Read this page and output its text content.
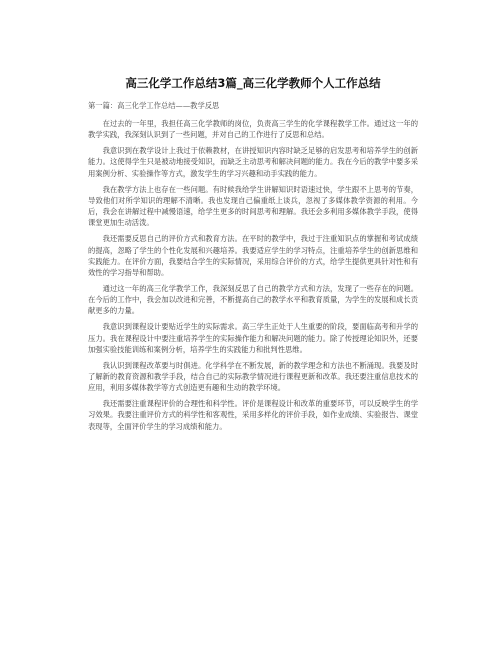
高三化学工作总结3篇_高三化学教师个人工作总结
第一篇：高三化学工作总结——教学反思

在过去的一年里，我担任高三化学教师的岗位，负责高三学生的化学课程教学工作。通过这一年的教学实践，我深刻认识到了一些问题，并对自己的工作进行了反思和总结。

我意识到在教学设计上我过于依赖教材，在讲授知识内容时缺乏足够的启发思考和培养学生的创新能力。这使得学生只是被动地接受知识，而缺乏主动思考和解决问题的能力。我在今后的教学中要多采用案例分析、实验操作等方式，激发学生的学习兴趣和动手实践的能力。

我在教学方法上也存在一些问题。有时候我给学生讲解知识时语速过快，学生跟不上思考的节奏，导致他们对所学知识的理解不清晰。我也发现自己偏重纸上谈兵，忽视了多媒体教学资源的利用。今后，我会在讲解过程中减慢语速，给学生更多的时间思考和理解。我还会多利用多媒体教学手段，使得课堂更加生动活泼。

我还需要反思自己的评价方式和教育方法。在平时的教学中，我过于注重知识点的掌握和考试成绩的提高，忽略了学生的个性化发展和兴趣培养。我要适应学生的学习特点，注重培养学生的创新思维和实践能力。在评价方面，我要结合学生的实际情况，采用综合评价的方式，给学生提供更具针对性和有效性的学习指导和帮助。

通过这一年的高三化学教学工作，我深刻反思了自己的教学方式和方法，发现了一些存在的问题。在今后的工作中，我会加以改进和完善，不断提高自己的教学水平和教育质量，为学生的发展和成长贡献更多的力量。

我意识到课程设计要贴近学生的实际需求。高三学生正处于人生重要的阶段，要面临高考和升学的压力。我在课程设计中要注重培养学生的实际操作能力和解决问题的能力。除了传授理论知识外，还要加强实验技能训练和案例分析，培养学生的实践能力和批判性思维。

我认识到课程改革要与时俱进。化学科学在不断发展，新的教学理念和方法也不断涌现。我要及时了解新的教育资源和教学手段，结合自己的实际教学情况进行课程更新和改革。我还要注重信息技术的应用，利用多媒体教学等方式创造更有趣和生动的教学环境。

我还需要注重课程评价的合理性和科学性。评价是课程设计和改革的重要环节，可以反映学生的学习效果。我要注重评价方式的科学性和客观性，采用多样化的评价手段，如作业成绩、实验报告、课堂表现等，全面评价学生的学习成绩和能力。
